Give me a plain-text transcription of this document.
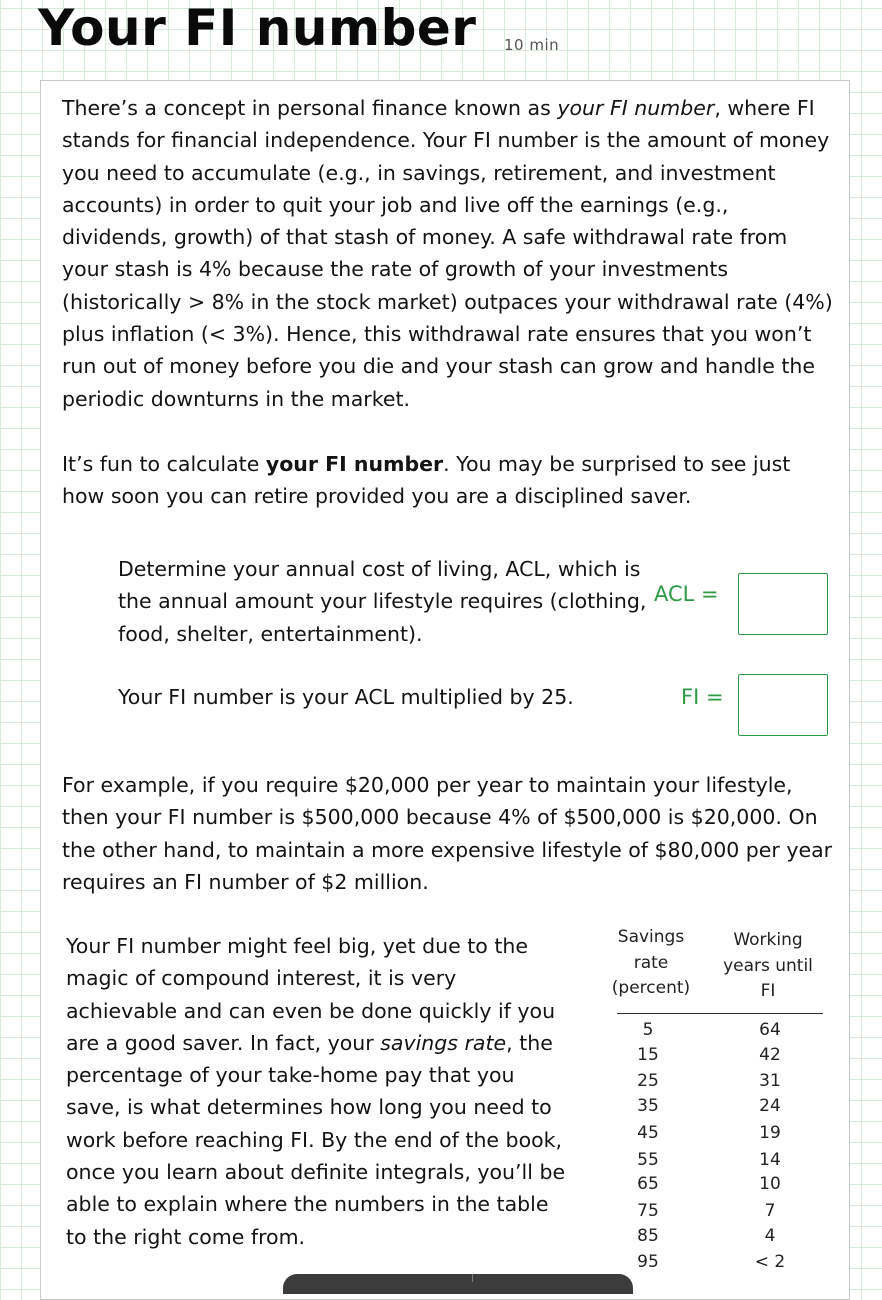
Your FI number 10 min

There’s a concept in personal finance known as your FI number, where FI stands for financial independence. Your FI number is the amount of money you need to accumulate (e.g., in savings, retirement, and investment accounts) in order to quit your job and live off the earnings (e.g., dividends, growth) of that stash of money. A safe withdrawal rate from your stash is 4% because the rate of growth of your investments (historically > 8% in the stock market) outpaces your withdrawal rate (4%) plus inflation (< 3%). Hence, this withdrawal rate ensures that you won’t run out of money before you die and your stash can grow and handle the periodic downturns in the market.

It’s fun to calculate your FI number. You may be surprised to see just how soon you can retire provided you are a disciplined saver.

Determine your annual cost of living, ACL, which is the annual amount your lifestyle requires (clothing, food, shelter, entertainment).

ACL =

Your FI number is your ACL multiplied by 25.	FI =

For example, if you require $20,000 per year to maintain your lifestyle, then your FI number is $500,000 because 4% of $500,000 is $20,000. On the other hand, to maintain a more expensive lifestyle of $80,000 per year requires an FI number of $2 million.

Your FI number might feel big, yet due to the magic of compound interest, it is very achievable and can even be done quickly if you are a good saver. In fact, your savings rate, the percentage of your take-home pay that you save, is what determines how long you need to work before reaching FI. By the end of the book, once you learn about definite integrals, you’ll be able to explain where the numbers in the table to the right come from.

Savings
rate
(percent)
Working
years until
FI
5
15
25
35
45
55
65
75
85
95
64
42
31
24
19
14
10
7
4
< 2
